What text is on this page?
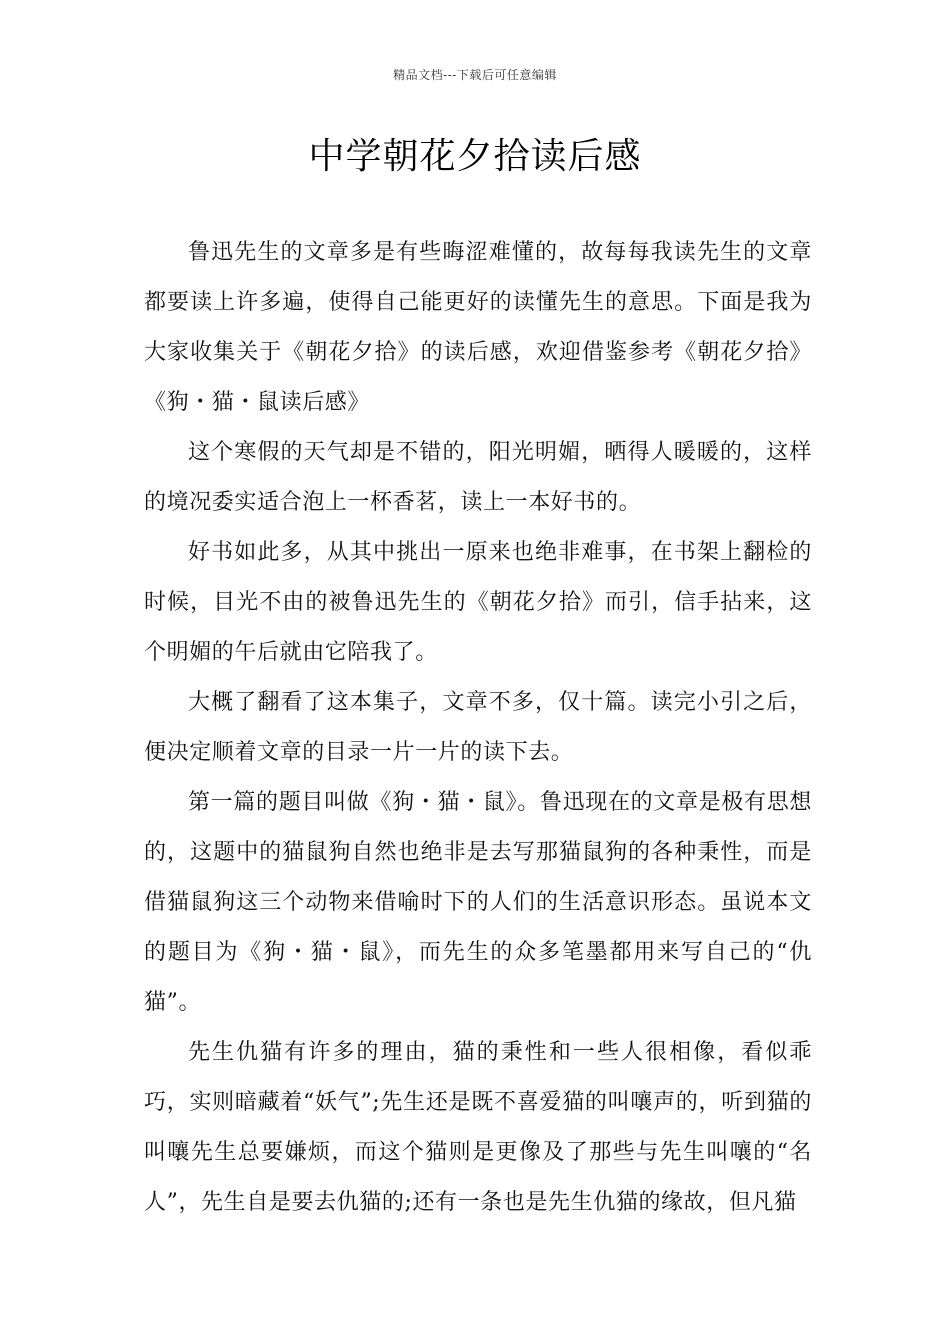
精品文档---下载后可任意编辑
中学朝花夕拾读后感

鲁迅先生的文章多是有些晦涩难懂的，故每每我读先生的文章都要读上许多遍，使得自己能更好的读懂先生的意思。下面是我为大家收集关于《朝花夕拾》的读后感，欢迎借鉴参考《朝花夕拾》《狗・猫・鼠读后感》

这个寒假的天气却是不错的，阳光明媚，晒得人暖暖的，这样的境况委实适合泡上一杯香茗，读上一本好书的。

好书如此多，从其中挑出一原来也绝非难事，在书架上翻检的时候，目光不由的被鲁迅先生的《朝花夕拾》而引，信手拈来，这个明媚的午后就由它陪我了。

大概了翻看了这本集子，文章不多，仅十篇。读完小引之后，便决定顺着文章的目录一片一片的读下去。

第一篇的题目叫做《狗・猫・鼠》。鲁迅现在的文章是极有思想的，这题中的猫鼠狗自然也绝非是去写那猫鼠狗的各种秉性，而是借猫鼠狗这三个动物来借喻时下的人们的生活意识形态。虽说本文的题目为《狗・猫・鼠》，而先生的众多笔墨都用来写自己的“仇猫”。

先生仇猫有许多的理由，猫的秉性和一些人很相像，看似乖巧，实则暗藏着“妖气”;先生还是既不喜爱猫的叫嚷声的，听到猫的叫嚷先生总要嫌烦，而这个猫则是更像及了那些与先生叫嚷的“名人”，先生自是要去仇猫的;还有一条也是先生仇猫的缘故，但凡猫
